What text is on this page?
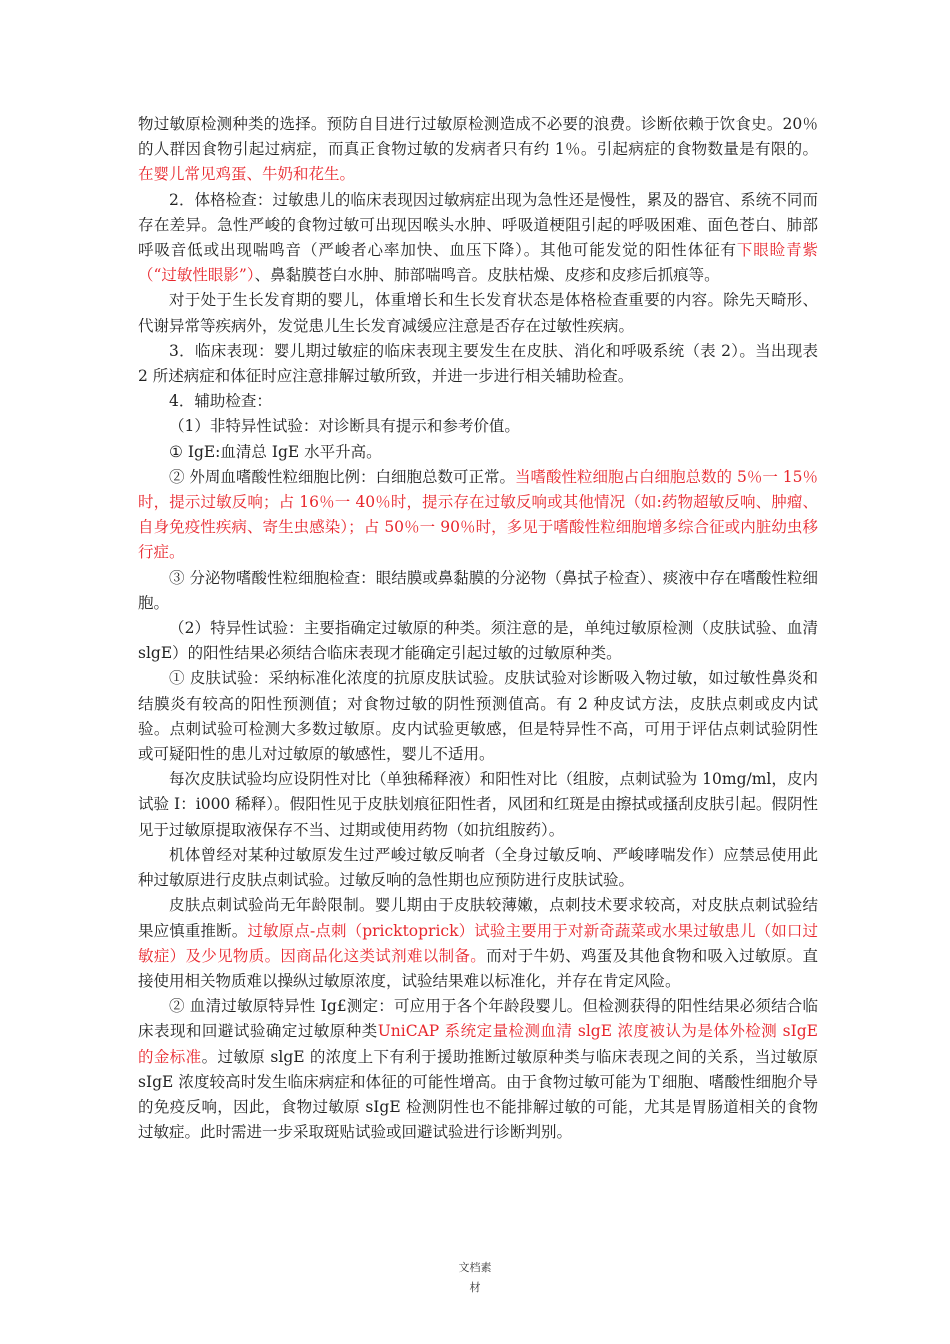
物过敏原检测种类的选择。预防自目进行过敏原检测造成不必要的浪费。诊断依赖于饮食史。20％的人群因食物引起过病症，而真正食物过敏的发病者只有约 1％。引起病症的食物数量是有限的。在婴儿常见鸡蛋、牛奶和花生。

2．体格检查：过敏患儿的临床表现因过敏病症出现为急性还是慢性，累及的器官、系统不同而存在差异。急性严峻的食物过敏可出现因喉头水肿、呼吸道梗阻引起的呼吸困难、面色苍白、肺部呼吸音低或出现喘鸣音（严峻者心率加快、血压下降）。其他可能发觉的阳性体征有下眼睑青紫（“过敏性眼影”）、鼻黏膜苍白水肿、肺部喘鸣音。皮肤枯燥、皮疹和皮疹后抓痕等。

对于处于生长发育期的婴儿，体重增长和生长发育状态是体格检查重要的内容。除先天畸形、代谢异常等疾病外，发觉患儿生长发育减缓应注意是否存在过敏性疾病。

3．临床表现：婴儿期过敏症的临床表现主要发生在皮肤、消化和呼吸系统（表 2）。当出现表 2 所述病症和体征时应注意排解过敏所致，并进一步进行相关辅助检查。

4．辅助检查：

（1）非特异性试验：对诊断具有提示和参考价值。

① IgE:血清总 IgE 水平升高。

② 外周血嗜酸性粒细胞比例：白细胞总数可正常。当嗜酸性粒细胞占白细胞总数的 5％一 15％时，提示过敏反响；占 16％一 40％时，提示存在过敏反响或其他情况（如:药物超敏反响、肿瘤、自身免疫性疾病、寄生虫感染）；占 50％一 90％时，多见于嗜酸性粒细胞增多综合征或内脏幼虫移行症。

③ 分泌物嗜酸性粒细胞检查：眼结膜或鼻黏膜的分泌物（鼻拭子检查）、痰液中存在嗜酸性粒细胞。

（2）特异性试验：主要指确定过敏原的种类。须注意的是，单纯过敏原检测（皮肤试验、血清 slgE）的阳性结果必须结合临床表现才能确定引起过敏的过敏原种类。

① 皮肤试验：采纳标准化浓度的抗原皮肤试验。皮肤试验对诊断吸入物过敏，如过敏性鼻炎和结膜炎有较高的阳性预测值；对食物过敏的阴性预测值高。有 2 种皮试方法，皮肤点刺或皮内试验。点刺试验可检测大多数过敏原。皮内试验更敏感，但是特异性不高，可用于评估点刺试验阴性或可疑阳性的患儿对过敏原的敏感性，婴儿不适用。

每次皮肤试验均应设阴性对比（单独稀释液）和阳性对比（组胺，点刺试验为 10mg/ml，皮内试验 I：i000 稀释）。假阳性见于皮肤划痕征阳性者，风团和红斑是由擦拭或搔刮皮肤引起。假阴性见于过敏原提取液保存不当、过期或使用药物（如抗组胺药）。

机体曾经对某种过敏原发生过严峻过敏反响者（全身过敏反响、严峻哮喘发作）应禁忌使用此种过敏原进行皮肤点刺试验。过敏反响的急性期也应预防进行皮肤试验。

皮肤点刺试验尚无年龄限制。婴儿期由于皮肤较薄嫩，点刺技术要求较高，对皮肤点刺试验结果应慎重推断。过敏原点-点刺（pricktoprick）试验主要用于对新奇蔬菜或水果过敏患儿（如口过敏症）及少见物质。因商品化这类试剂难以制备。而对于牛奶、鸡蛋及其他食物和吸入过敏原。直接使用相关物质难以操纵过敏原浓度，试验结果难以标准化，并存在肯定风险。

② 血清过敏原特异性 Ig£测定：可应用于各个年龄段婴儿。但检测获得的阳性结果必须结合临床表现和回避试验确定过敏原种类UniCAP 系统定量检测血清 slgE 浓度被认为是体外检测 sIgE 的金标准。过敏原 slgE 的浓度上下有利于援助推断过敏原种类与临床表现之间的关系，当过敏原 sIgE 浓度较高时发生临床病症和体征的可能性增高。由于食物过敏可能为Ｔ细胞、嗜酸性细胞介导的免疫反响，因此，食物过敏原 sIgE 检测阴性也不能排解过敏的可能，尤其是胃肠道相关的食物过敏症。此时需进一步采取斑贴试验或回避试验进行诊断判别。

文档素
材
